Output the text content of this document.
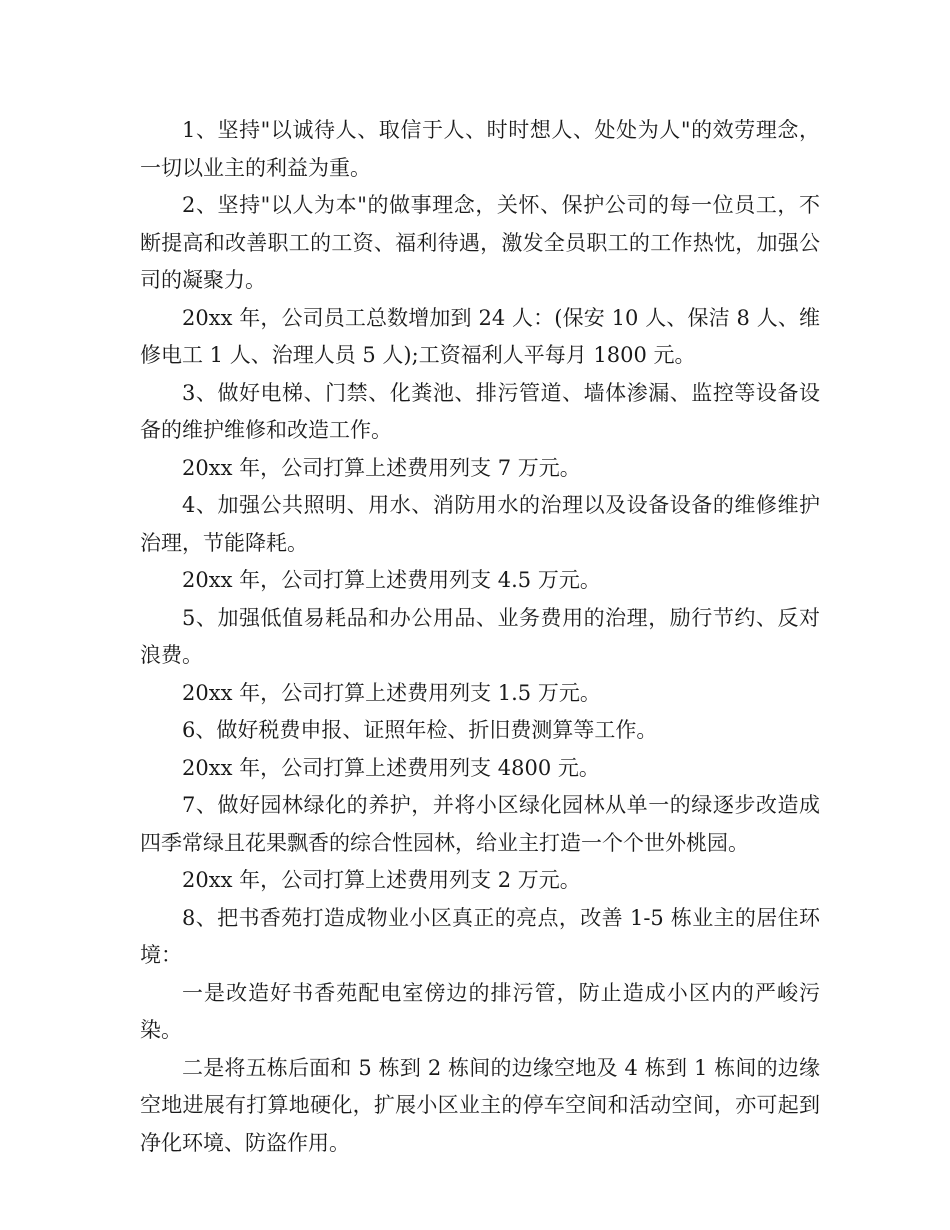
1、坚持"以诚待人、取信于人、时时想人、处处为人"的效劳理念，一切以业主的利益为重。

2、坚持"以人为本"的做事理念，关怀、保护公司的每一位员工，不断提高和改善职工的工资、福利待遇，激发全员职工的工作热忱，加强公司的凝聚力。

20xx 年，公司员工总数增加到 24 人：(保安 10 人、保洁 8 人、维修电工 1 人、治理人员 5 人);工资福利人平每月 1800 元。

3、做好电梯、门禁、化粪池、排污管道、墙体渗漏、监控等设备设备的维护维修和改造工作。

20xx 年，公司打算上述费用列支 7 万元。

4、加强公共照明、用水、消防用水的治理以及设备设备的维修维护治理，节能降耗。

20xx 年，公司打算上述费用列支 4.5 万元。

5、加强低值易耗品和办公用品、业务费用的治理，励行节约、反对浪费。

20xx 年，公司打算上述费用列支 1.5 万元。

6、做好税费申报、证照年检、折旧费测算等工作。

20xx 年，公司打算上述费用列支 4800 元。

7、做好园林绿化的养护，并将小区绿化园林从单一的绿逐步改造成四季常绿且花果飘香的综合性园林，给业主打造一个个世外桃园。

20xx 年，公司打算上述费用列支 2 万元。

8、把书香苑打造成物业小区真正的亮点，改善 1-5 栋业主的居住环境：

一是改造好书香苑配电室傍边的排污管，防止造成小区内的严峻污染。

二是将五栋后面和 5 栋到 2 栋间的边缘空地及 4 栋到 1 栋间的边缘空地进展有打算地硬化，扩展小区业主的停车空间和活动空间，亦可起到净化环境、防盗作用。
